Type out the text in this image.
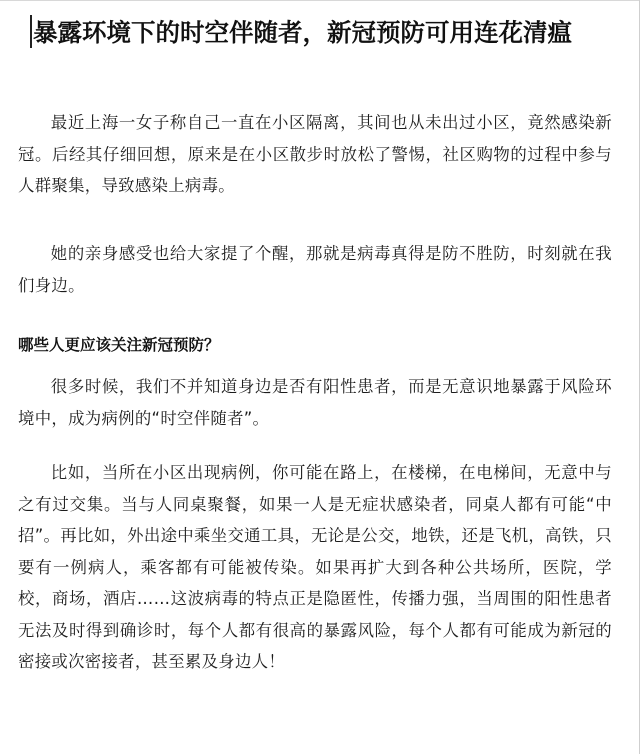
暴露环境下的时空伴随者，新冠预防可用连花清瘟

最近上海一女子称自己一直在小区隔离，其间也从未出过小区，竟然感染新冠。后经其仔细回想，原来是在小区散步时放松了警惕，社区购物的过程中参与人群聚集，导致感染上病毒。

她的亲身感受也给大家提了个醒，那就是病毒真得是防不胜防，时刻就在我们身边。

哪些人更应该关注新冠预防？

很多时候，我们不并知道身边是否有阳性患者，而是无意识地暴露于风险环境中，成为病例的“时空伴随者”。

比如，当所在小区出现病例，你可能在路上，在楼梯，在电梯间，无意中与之有过交集。当与人同桌聚餐，如果一人是无症状感染者，同桌人都有可能“中招”。再比如，外出途中乘坐交通工具，无论是公交，地铁，还是飞机，高铁，只要有一例病人，乘客都有可能被传染。如果再扩大到各种公共场所，医院，学校，商场，酒店……这波病毒的特点正是隐匿性，传播力强，当周围的阳性患者无法及时得到确诊时，每个人都有很高的暴露风险，每个人都有可能成为新冠的密接或次密接者，甚至累及身边人！
